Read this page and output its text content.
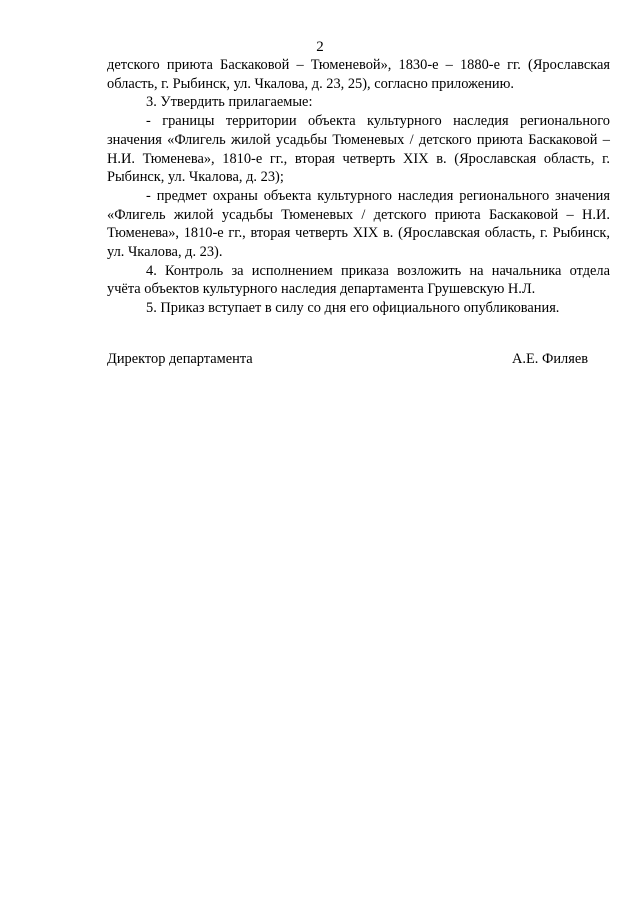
2

детского приюта Баскаковой – Тюменевой», 1830-е – 1880-е гг. (Ярославская область, г. Рыбинск, ул. Чкалова, д. 23, 25), согласно приложению.

3. Утвердить прилагаемые:

- границы территории объекта культурного наследия регионального значения «Флигель жилой усадьбы Тюменевых / детского приюта Баскаковой – Н.И. Тюменева», 1810-е гг., вторая четверть XIX в. (Ярославская область, г. Рыбинск, ул. Чкалова, д. 23);

- предмет охраны объекта культурного наследия регионального значения «Флигель жилой усадьбы Тюменевых / детского приюта Баскаковой – Н.И. Тюменева», 1810-е гг., вторая четверть XIX в. (Ярославская область, г. Рыбинск, ул. Чкалова, д. 23).

4. Контроль за исполнением приказа возложить на начальника отдела учёта объектов культурного наследия департамента Грушевскую Н.Л.

5. Приказ вступает в силу со дня его официального опубликования.

Директор департамента	А.Е. Филяев
